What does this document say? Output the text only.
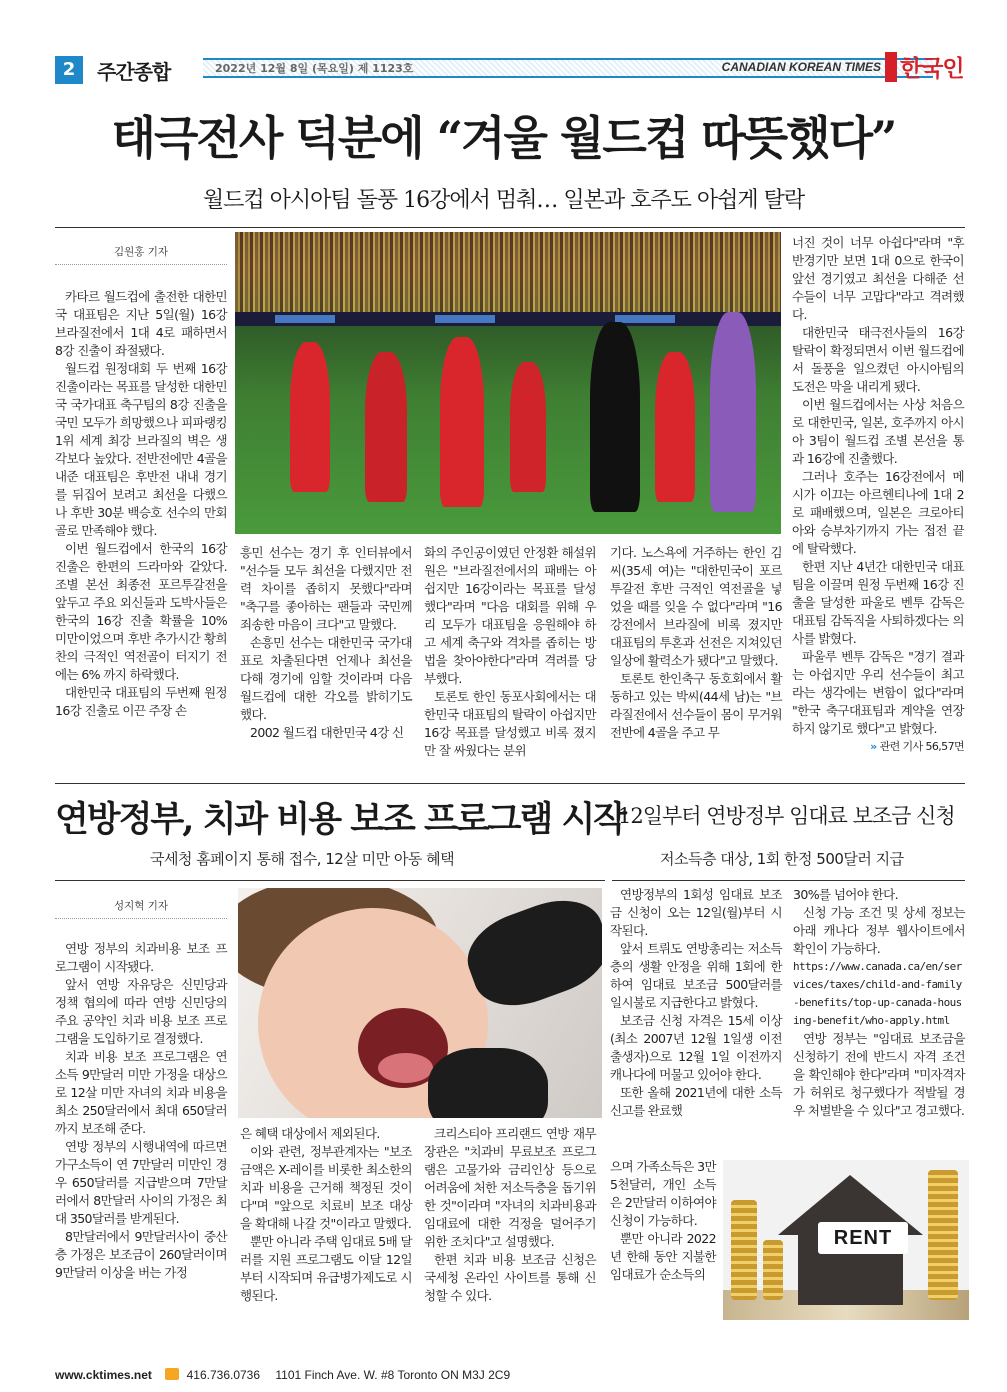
2	주간종합	2022년 12월 8일 (목요일) 제 1123호	CANADIAN KOREAN TIMES 한국인
태극전사 덕분에 “겨울 월드컵 따뜻했다”
월드컵 아시아팀 돌풍 16강에서 멈춰… 일본과 호주도 아쉽게 탈락
김원홍 기자

카타르 월드컵에 출전한 대한민국 대표팀은 지난 5일(월) 16강 브라질전에서 1대 4로 패하면서 8강 진출이 좌절됐다.

월드컵 원정대회 두 번째 16강 진출이라는 목표를 달성한 대한민국 국가대표 축구팀의 8강 진출을 국민 모두가 희망했으나 피파랭킹 1위 세계 최강 브라질의 벽은 생각보다 높았다. 전반전에만 4골을 내준 대표팀은 후반전 내내 경기를 뒤집어 보려고 최선을 다했으나 후반 30분 백승호 선수의 만회골로 만족해야 했다.

이번 월드컵에서 한국의 16강 진출은 한편의 드라마와 같았다. 조별 본선 최종전 포르투갈전을 앞두고 주요 외신들과 도박사들은 한국의 16강 진출 확률을 10% 미만이었으며 후반 추가시간 황희찬의 극적인 역전골이 터지기 전에는 6% 까지 하락했다.

대한민국 대표팀의 두번째 원정 16강 진출로 이끈 주장 손

흥민 선수는 경기 후 인터뷰에서 "선수들 모두 최선을 다했지만 전력 차이를 좁히지 못했다"라며 "축구를 좋아하는 팬들과 국민께 죄송한 마음이 크다"고 말했다.

손흥민 선수는 대한민국 국가대표로 차출된다면 언제나 최선을 다해 경기에 임할 것이라며 다음 월드컵에 대한 각오를 밝히기도 했다.

2002 월드컵 대한민국 4강 신

화의 주인공이였던 안정환 해설위원은 "브라질전에서의 패배는 아쉽지만 16강이라는 목표를 달성했다"라며 "다음 대회를 위해 우리 모두가 대표팀을 응원해야 하고 세계 축구와 격차를 좁히는 방법을 찾아야한다"라며 격려를 당부했다.

토론토 한인 동포사회에서는 대한민국 대표팀의 탈락이 아쉽지만 16강 목표를 달성했고 비록 졌지만 잘 싸웠다는 분위

기다. 노스욕에 거주하는 한인 김씨(35세 여)는 "대한민국이 포르투갈전 후반 극적인 역전골을 넣었을 때를 잊을 수 없다"라며 "16강전에서 브라질에 비록 졌지만 대표팀의 투혼과 선전은 지쳐있던 일상에 활력소가 됐다"고 말했다.

토론토 한인축구 동호회에서 활동하고 있는 박씨(44세 남)는 "브라질전에서 선수들이 몸이 무거워 전반에 4골을 주고 무

너진 것이 너무 아쉽다"라며 "후반경기만 보면 1대 0으로 한국이 앞선 경기였고 최선을 다해준 선수들이 너무 고맙다"라고 격려했다.

대한민국 태극전사들의 16강 탈락이 확정되면서 이번 월드컵에서 돌풍을 일으켰던 아시아팀의 도전은 막을 내리게 됐다.

이번 월드컵에서는 사상 처음으로 대한민국, 일본, 호주까지 아시아 3팀이 월드컵 조별 본선을 통과 16강에 진출했다.

그러나 호주는 16강전에서 메시가 이끄는 아르헨티나에 1대 2로 패배했으며, 일본은 크로아티아와 승부차기까지 가는 접전 끝에 탈락했다.

한편 지난 4년간 대한민국 대표팀을 이끌며 원정 두번째 16강 진출을 달성한 파울로 벤투 감독은 대표팀 감독직을 사퇴하겠다는 의사를 밝혔다.

파울루 벤투 감독은 "경기 결과는 아쉽지만 우리 선수들이 최고라는 생각에는 변함이 없다"라며 "한국 축구대표팀과 계약을 연장하지 않기로 했다"고 밝혔다.

» 관련 기사 56,57면
연방정부, 치과 비용 보조 프로그램 시작
국세청 홈페이지 통해 접수, 12살 미만 아동 혜택
성지혁 기자

연방 정부의 치과비용 보조 프로그램이 시작됐다.

앞서 연방 자유당은 신민당과 정책 협의에 따라 연방 신민당의 주요 공약인 치과 비용 보조 프로그램을 도입하기로 결정했다.

치과 비용 보조 프로그램은 연 소득 9만달러 미만 가정을 대상으로 12살 미만 자녀의 치과 비용을 최소 250달러에서 최대 650달러까지 보조해 준다.

연방 정부의 시행내역에 따르면 가구소득이 연 7만달러 미만인 경우 650달러를 지급받으며 7만달러에서 8만달러 사이의 가정은 최대 350달러를 받게된다.

8만달러에서 9만달러사이 중산층 가정은 보조금이 260달러이며 9만달러 이상을 버는 가정

은 혜택 대상에서 제외된다.

이와 관련, 정부관계자는 "보조 금액은 X-레이를 비롯한 최소한의 치과 비용을 근거해 책정된 것이다"며 "앞으로 치료비 보조 대상을 확대해 나갈 것"이라고 말했다.

뿐만 아니라 주택 임대료 5배 달러를 지원 프로그램도 이달 12일부터 시작되며 유급병가제도로 시행된다.

크리스티아 프리랜드 연방 재무장관은 "치과비 무료보조 프로그램은 고물가와 금리인상 등으로 어려움에 처한 저소득층을 돕기위한 것"이라며 "자녀의 치과비용과 임대료에 대한 걱정을 덜어주기 위한 조치다"고 설명했다.

한편 치과 비용 보조금 신청은 국세청 온라인 사이트를 통해 신청할 수 있다.

12일부터 연방정부 임대료 보조금 신청
저소득층 대상, 1회 한정 500달러 지급

연방정부의 1회성 임대료 보조금 신청이 오는 12일(월)부터 시작된다.

앞서 트뤼도 연방총리는 저소득층의 생활 안정을 위해 1회에 한하여 임대료 보조금 500달러를 일시불로 지급한다고 밝혔다.

보조금 신청 자격은 15세 이상(최소 2007년 12월 1일생 이전출생자)으로 12월 1일 이전까지 캐나다에 머물고 있어야 한다.

또한 올해 2021년에 대한 소득신고를 완료했

으며 가족소득은 3만 5천달러, 개인 소득은 2만달러 이하여야 신청이 가능하다.

뿐만 아니라 2022년 한해 동안 지불한 임대료가 순소득의

30%를 넘어야 한다.

신청 가능 조건 및 상세 정보는 아래 캐나다 정부 웹사이트에서 확인이 가능하다.

https://www.canada.ca/en/services/taxes/child-and-family-benefits/top-up-canada-housing-benefit/who-apply.html

연방 정부는 "임대료 보조금을 신청하기 전에 반드시 자격 조건을 확인해야 한다"라며 "미자격자가 허위로 청구했다가 적발될 경우 처벌받을 수 있다"고 경고했다.

RENT
www.cktimes.net	416.736.0736 1101 Finch Ave. W. #8 Toronto ON M3J 2C9
